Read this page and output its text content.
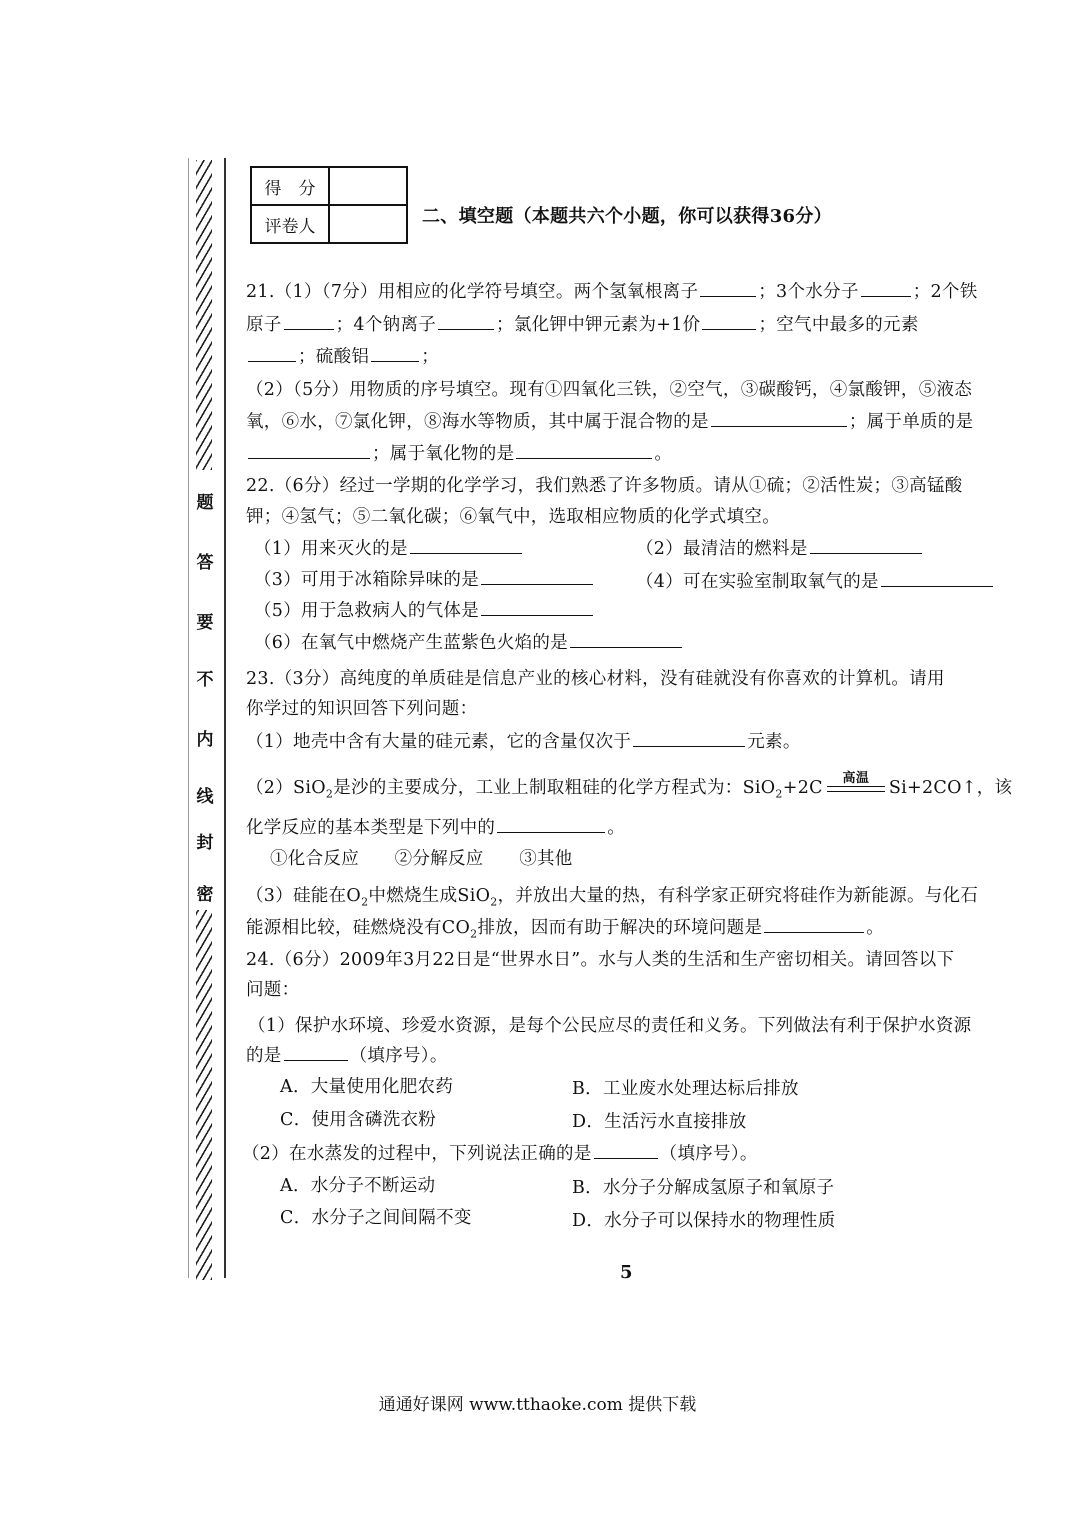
题
答
要
不
内
线
封
密
得　分	
评卷人		二、填空题（本题共六个小题，你可以获得36分）
21.（1）（7分）用相应的化学符号填空。两个氢氧根离子	；3个水分子	；2个铁
原子	；4个钠离子	；氯化钾中钾元素为+1价	；空气中最多的元素
；硫酸铝	；
（2）（5分）用物质的序号填空。现有①四氧化三铁，②空气，③碳酸钙，④氯酸钾，⑤液态
氧，⑥水，⑦氯化钾，⑧海水等物质，其中属于混合物的是	；属于单质的是
；属于氧化物的是	。
22.（6分）经过一学期的化学学习，我们熟悉了许多物质。请从①硫；②活性炭；③高锰酸
钾；④氢气；⑤二氧化碳；⑥氧气中，选取相应物质的化学式填空。
（1）用来灭火的是	（2）最清洁的燃料是
（3）可用于冰箱除异味的是	（4）可在实验室制取氧气的是
（5）用于急救病人的气体是
（6）在氧气中燃烧产生蓝紫色火焰的是
23.（3分）高纯度的单质硅是信息产业的核心材料，没有硅就没有你喜欢的计算机。请用
你学过的知识回答下列问题：
（1）地壳中含有大量的硅元素，它的含量仅次于	元素。
（2）SiO$_2$是沙的主要成分，工业上制取粗硅的化学方程式为：SiO$_2$+2C	高温	Si+2CO↑，该
化学反应的基本类型是下列中的	。
①化合反应　　②分解反应　　③其他
（3）硅能在$O_2$中燃烧生成SiO$_2$，并放出大量的热，有科学家正研究将硅作为新能源。与化石
能源相比较，硅燃烧没有$CO_2$排放，因而有助于解决的环境问题是	。
24.（6分）2009年3月22日是“世界水日”。水与人类的生活和生产密切相关。请回答以下
问题：
（1）保护水环境、珍爱水资源，是每个公民应尽的责任和义务。下列做法有利于保护水资源
的是	（填序号）。
A．大量使用化肥农药	B．工业废水处理达标后排放
C．使用含磷洗衣粉	D．生活污水直接排放
（2）在水蒸发的过程中，下列说法正确的是	（填序号）。
A．水分子不断运动	B．水分子分解成氢原子和氧原子
C．水分子之间间隔不变	D．水分子可以保持水的物理性质
5
通通好课网 www.tthaoke.com 提供下载
